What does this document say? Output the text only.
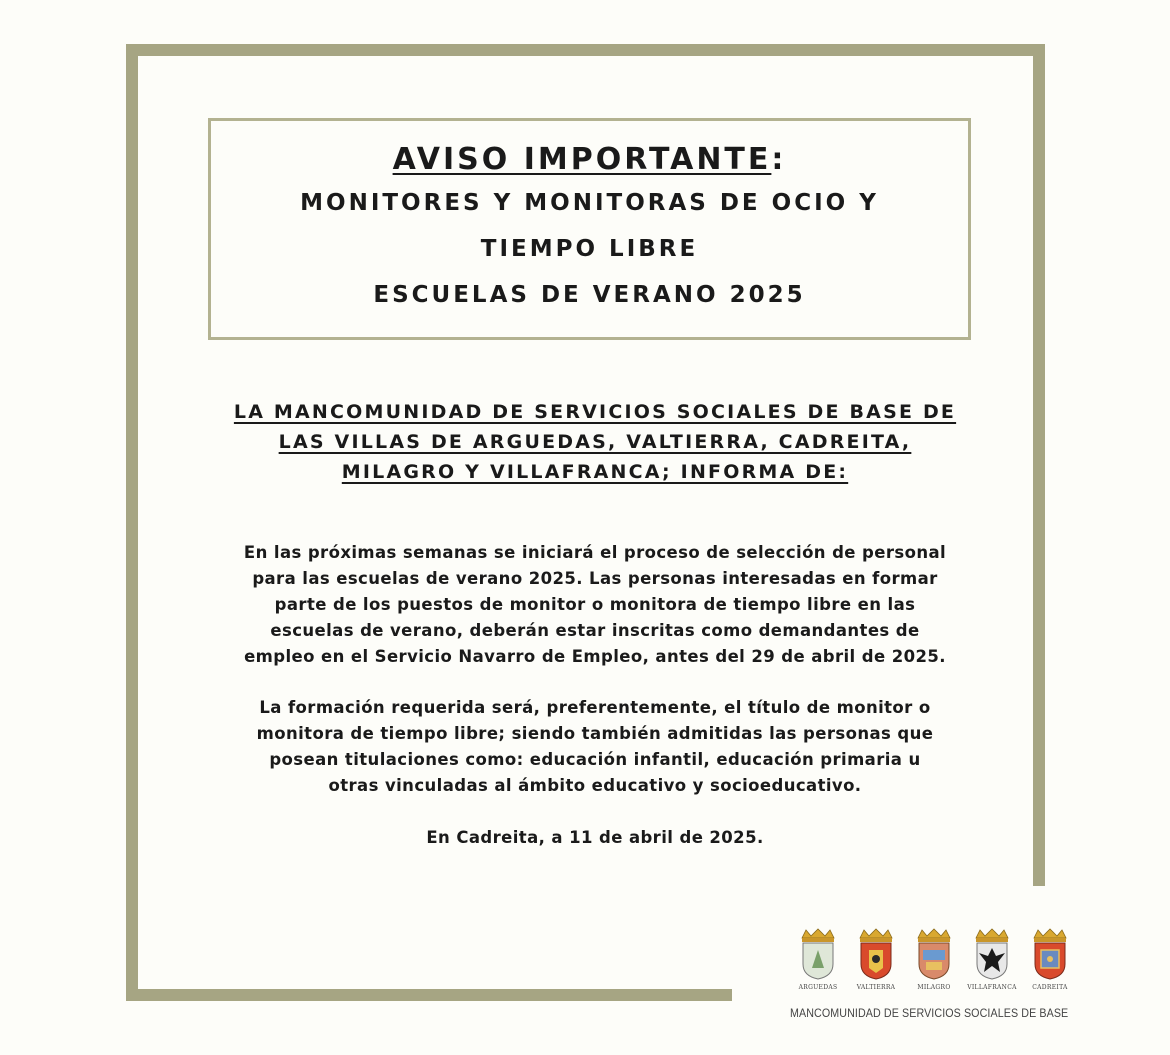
AVISO IMPORTANTE:
MONITORES Y MONITORAS DE OCIO Y
TIEMPO LIBRE
ESCUELAS DE VERANO 2025
LA MANCOMUNIDAD DE SERVICIOS SOCIALES DE BASE DE
LAS VILLAS DE ARGUEDAS, VALTIERRA, CADREITA,
MILAGRO Y VILLAFRANCA; INFORMA DE:
En las próximas semanas se iniciará el proceso de selección de personal
para las escuelas de verano 2025. Las personas interesadas en formar
parte de los puestos de monitor o monitora de tiempo libre en las
escuelas de verano, deberán estar inscritas como demandantes de
empleo en el Servicio Navarro de Empleo, antes del 29 de abril de 2025.
La formación requerida será, preferentemente, el título de monitor o
monitora de tiempo libre; siendo también admitidas las personas que
posean titulaciones como: educación infantil, educación primaria u
otras vinculadas al ámbito educativo y socioeducativo.
En Cadreita, a 11 de abril de 2025.
ARGUEDAS	VALTIERRA	MILAGRO	VILLAFRANCA	CADREITA
MANCOMUNIDAD DE SERVICIOS SOCIALES DE BASE
